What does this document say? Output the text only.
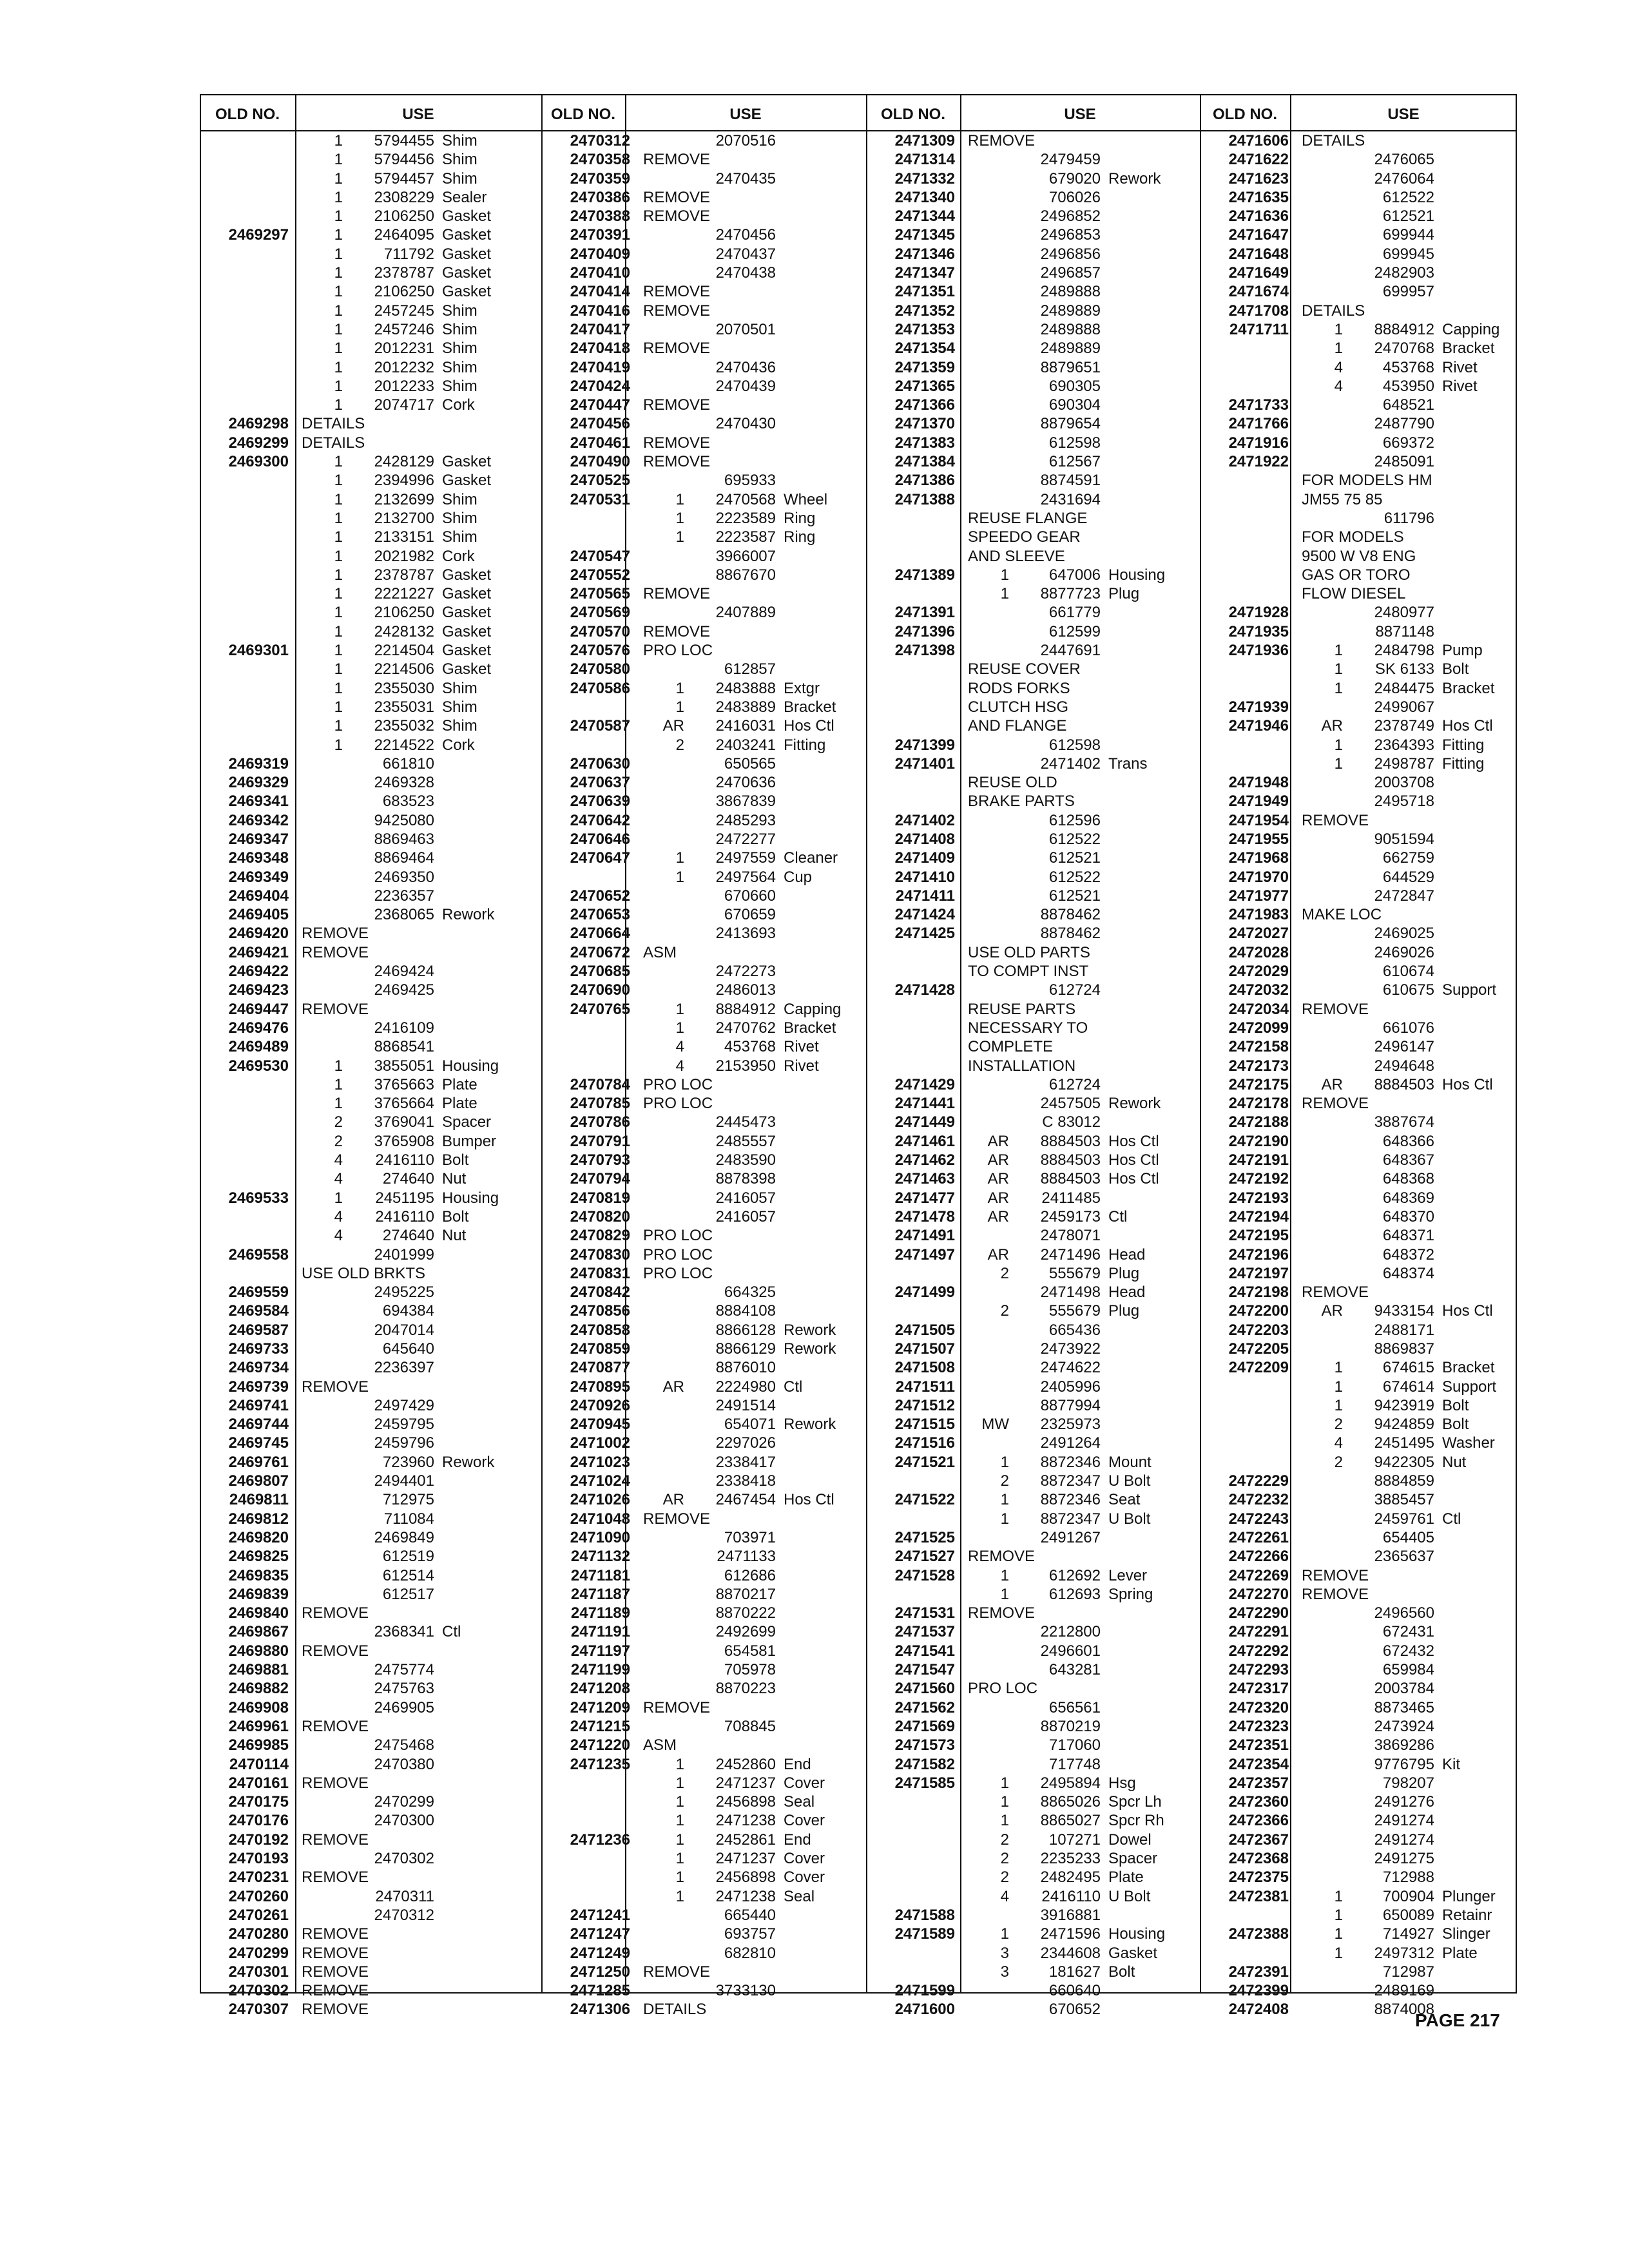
OLD NO.	USE	OLD NO.	USE	OLD NO.	USE	OLD NO.	USE
1 5794455 Shim
1 5794456 Shim
1 5794457 Shim
1 2308229 Sealer
1 2106250 Gasket
2469297	1 2464095 Gasket
1	711792 Gasket
1 2378787 Gasket
1 2106250 Gasket
1 2457245 Shim
1 2457246 Shim
1 2012231 Shim
1 2012232 Shim
1 2012233 Shim
1 2074717 Cork
2469298 DETAILS
2469299 DETAILS
2469300	1 2428129 Gasket
1 2394996 Gasket
1 2132699 Shim
1 2132700 Shim
1 2133151 Shim
1 2021982 Cork
1 2378787 Gasket
1 2221227 Gasket
1 2106250 Gasket
1 2428132 Gasket
2469301	1 2214504 Gasket
1 2214506 Gasket
1 2355030 Shim
1 2355031 Shim
1 2355032 Shim
1 2214522 Cork
2469319	661810
2469329	2469328
2469341	683523
2469342	9425080
2469347	8869463
2469348	8869464
2469349	2469350
2469404	2236357
2469405	2368065 Rework
2469420 REMOVE
2469421 REMOVE
2469422	2469424
2469423	2469425
2469447 REMOVE
2469476	2416109
2469489	8868541
2469530	1 3855051 Housing
1 3765663 Plate
1 3765664 Plate
2 3769041 Spacer
2 3765908 Bumper
4 2416110 Bolt
4	274640 Nut
2469533	1 2451195 Housing
4 2416110 Bolt
4	274640 Nut
2469558	2401999
USE OLD BRKTS
2469559	2495225
2469584	694384
2469587	2047014
2469733	645640
2469734	2236397
2469739 REMOVE
2469741	2497429
2469744	2459795
2469745	2459796
2469761	723960 Rework
2469807	2494401
2469811	712975
2469812	711084
2469820	2469849
2469825	612519
2469835	612514
2469839	612517
2469840 REMOVE
2469867	2368341 Ctl
2469880 REMOVE
2469881	2475774
2469882	2475763
2469908	2469905
2469961 REMOVE
2469985	2475468
2470114	2470380
2470161 REMOVE
2470175	2470299
2470176	2470300
2470192 REMOVE
2470193	2470302
2470231 REMOVE
2470260	2470311
2470261	2470312
2470280 REMOVE
2470299 REMOVE
2470301 REMOVE
2470302 REMOVE
2470307 REMOVE
2470312	2070516
2470358 REMOVE
2470359	2470435
2470386 REMOVE
2470388 REMOVE
2470391	2470456
2470409	2470437
2470410	2470438
2470414 REMOVE
2470416 REMOVE
2470417	2070501
2470418 REMOVE
2470419	2470436
2470424	2470439
2470447 REMOVE
2470456	2470430
2470461 REMOVE
2470490 REMOVE
2470525	695933
2470531	1 2470568 Wheel
1 2223589 Ring
1 2223587 Ring
2470547	3966007
2470552	8867670
2470565 REMOVE
2470569	2407889
2470570 REMOVE
2470576 PRO LOC
2470580	612857
2470586	1 2483888 Extgr
1 2483889 Bracket
2470587	AR 2416031 Hos Ctl
2 2403241 Fitting
2470630	650565
2470637	2470636
2470639	3867839
2470642	2485293
2470646	2472277
2470647	1 2497559 Cleaner
1 2497564 Cup
2470652	670660
2470653	670659
2470664	2413693
2470672 ASM
2470685	2472273
2470690	2486013
2470765	1 8884912 Capping
1 2470762 Bracket
4	453768 Rivet
4 2153950 Rivet
2470784 PRO LOC
2470785 PRO LOC
2470786	2445473
2470791	2485557
2470793	2483590
2470794	8878398
2470819	2416057
2470820	2416057
2470829 PRO LOC
2470830 PRO LOC
2470831 PRO LOC
2470842	664325
2470856	8884108
2470858	8866128 Rework
2470859	8866129 Rework
2470877	8876010
2470895	AR 2224980 Ctl
2470926	2491514
2470945	654071 Rework
2471002	2297026
2471023	2338417
2471024	2338418
2471026	AR 2467454 Hos Ctl
2471048 REMOVE
2471090	703971
2471132	2471133
2471181	612686
2471187	8870217
2471189	8870222
2471191	2492699
2471197	654581
2471199	705978
2471208	8870223
2471209 REMOVE
2471215	708845
2471220 ASM
2471235	1 2452860 End
1 2471237 Cover
1 2456898 Seal
1 2471238 Cover
2471236	1 2452861 End
1 2471237 Cover
1 2456898 Cover
1 2471238 Seal
2471241	665440
2471247	693757
2471249	682810
2471250 REMOVE
2471285	3733130
2471306 DETAILS
2471309 REMOVE
2471314	2479459
2471332	679020 Rework
2471340	706026
2471344	2496852
2471345	2496853
2471346	2496856
2471347	2496857
2471351	2489888
2471352	2489889
2471353	2489888
2471354	2489889
2471359	8879651
2471365	690305
2471366	690304
2471370	8879654
2471383	612598
2471384	612567
2471386	8874591
2471388	2431694
REUSE FLANGE
SPEEDO GEAR
AND SLEEVE
2471389	1	647006 Housing
1 8877723 Plug
2471391	661779
2471396	612599
2471398	2447691
REUSE COVER
RODS FORKS
CLUTCH HSG
AND FLANGE
2471399	612598
2471401	2471402 Trans
REUSE OLD
BRAKE PARTS
2471402	612596
2471408	612522
2471409	612521
2471410	612522
2471411	612521
2471424	8878462
2471425	8878462
USE OLD PARTS
TO COMPT INST
2471428	612724
REUSE PARTS
NECESSARY TO
COMPLETE
INSTALLATION
2471429	612724
2471441	2457505 Rework
2471449	C 83012
2471461	AR 8884503 Hos Ctl
2471462	AR 8884503 Hos Ctl
2471463	AR 8884503 Hos Ctl
2471477	AR 2411485
2471478	AR 2459173 Ctl
2471491	2478071
2471497	AR 2471496 Head
2	555679 Plug
2471499	2471498 Head
2	555679 Plug
2471505	665436
2471507	2473922
2471508	2474622
2471511	2405996
2471512	8877994
2471515	MW 2325973
2471516	2491264
2471521	1 8872346 Mount
2 8872347 U Bolt
2471522	1 8872346 Seat
1 8872347 U Bolt
2471525	2491267
2471527 REMOVE
2471528	1	612692 Lever
1	612693 Spring
2471531 REMOVE
2471537	2212800
2471541	2496601
2471547	643281
2471560 PRO LOC
2471562	656561
2471569	8870219
2471573	717060
2471582	717748
2471585	1 2495894 Hsg
1 8865026 Spcr Lh
1 8865027 Spcr Rh
2	107271 Dowel
2 2235233 Spacer
2 2482495 Plate
4 2416110 U Bolt
2471588	3916881
2471589	1 2471596 Housing
3 2344608 Gasket
3	181627 Bolt
2471599	660640
2471600	670652
2471606 DETAILS
2471622	2476065
2471623	2476064
2471635	612522
2471636	612521
2471647	699944
2471648	699945
2471649	2482903
2471674	699957
2471708 DETAILS
2471711	1 8884912 Capping
1 2470768 Bracket
4	453768 Rivet
4	453950 Rivet
2471733	648521
2471766	2487790
2471916	669372
2471922	2485091
FOR MODELS HM
JM55 75 85
611796
FOR MODELS
9500 W V8 ENG
GAS OR TORO
FLOW DIESEL
2471928	2480977
2471935	8871148
2471936	1 2484798 Pump
1 SK 6133 Bolt
1 2484475 Bracket
2471939	2499067
2471946	AR 2378749 Hos Ctl
1 2364393 Fitting
1 2498787 Fitting
2471948	2003708
2471949	2495718
2471954 REMOVE
2471955	9051594
2471968	662759
2471970	644529
2471977	2472847
2471983 MAKE LOC
2472027	2469025
2472028	2469026
2472029	610674
2472032	610675 Support
2472034 REMOVE
2472099	661076
2472158	2496147
2472173	2494648
2472175	AR 8884503 Hos Ctl
2472178 REMOVE
2472188	3887674
2472190	648366
2472191	648367
2472192	648368
2472193	648369
2472194	648370
2472195	648371
2472196	648372
2472197	648374
2472198 REMOVE
2472200	AR 9433154 Hos Ctl
2472203	2488171
2472205	8869837
2472209	1	674615 Bracket
1	674614 Support
1 9423919 Bolt
2 9424859 Bolt
4 2451495 Washer
2 9422305 Nut
2472229	8884859
2472232	3885457
2472243	2459761 Ctl
2472261	654405
2472266	2365637
2472269 REMOVE
2472270 REMOVE
2472290	2496560
2472291	672431
2472292	672432
2472293	659984
2472317	2003784
2472320	8873465
2472323	2473924
2472351	3869286
2472354	9776795 Kit
2472357	798207
2472360	2491276
2472366	2491274
2472367	2491274
2472368	2491275
2472375	712988
2472381	1	700904 Plunger
1	650089 Retainr
2472388	1	714927 Slinger
1 2497312 Plate
2472391	712987
2472399	2489169
2472408	8874008
PAGE 217
